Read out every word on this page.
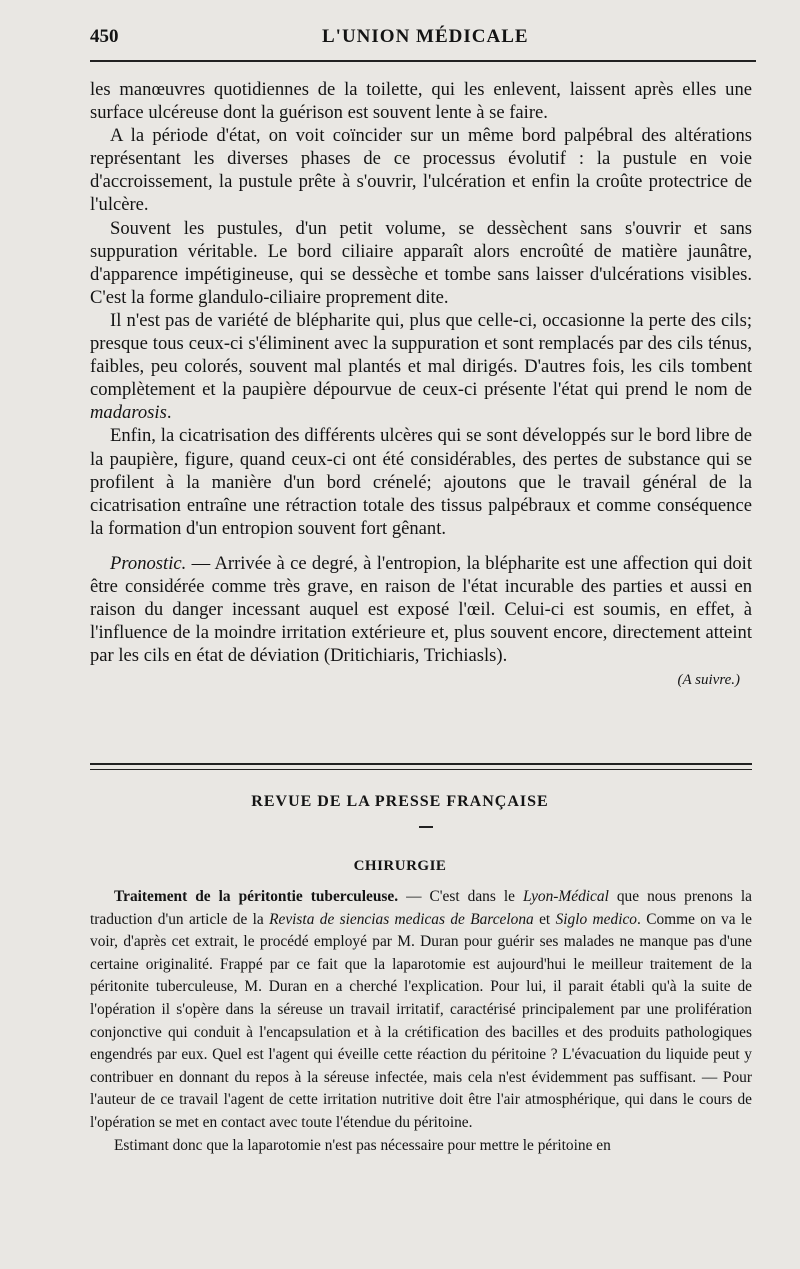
450	L'UNION MÉDICALE

les manœuvres quotidiennes de la toilette, qui les enlevent, laissent après elles une surface ulcéreuse dont la guérison est souvent lente à se faire.

A la période d'état, on voit coïncider sur un même bord palpébral des altérations représentant les diverses phases de ce processus évolutif : la pustule en voie d'accroissement, la pustule prête à s'ouvrir, l'ulcération et enfin la croûte protectrice de l'ulcère.

Souvent les pustules, d'un petit volume, se dessèchent sans s'ouvrir et sans suppuration véritable. Le bord ciliaire apparaît alors encroûté de matière jaunâtre, d'apparence impétigineuse, qui se dessèche et tombe sans laisser d'ulcérations visibles. C'est la forme glandulo-ciliaire proprement dite.

Il n'est pas de variété de blépharite qui, plus que celle-ci, occasionne la perte des cils; presque tous ceux-ci s'éliminent avec la suppuration et sont remplacés par des cils ténus, faibles, peu colorés, souvent mal plantés et mal dirigés. D'autres fois, les cils tombent complètement et la paupière dépourvue de ceux-ci présente l'état qui prend le nom de madarosis.

Enfin, la cicatrisation des différents ulcères qui se sont développés sur le bord libre de la paupière, figure, quand ceux-ci ont été considérables, des pertes de substance qui se profilent à la manière d'un bord crénelé; ajoutons que le travail général de la cicatrisation entraîne une rétraction totale des tissus palpébraux et comme conséquence la formation d'un entropion souvent fort gênant.

Pronostic. — Arrivée à ce degré, à l'entropion, la blépharite est une affection qui doit être considérée comme très grave, en raison de l'état incurable des parties et aussi en raison du danger incessant auquel est exposé l'œil. Celui-ci est soumis, en effet, à l'influence de la moindre irritation extérieure et, plus souvent encore, directement atteint par les cils en état de déviation (Dritichiaris, Trichiasls).

(A suivre.)
REVUE DE LA PRESSE FRANÇAISE
CHIRURGIE

Traitement de la péritontie tuberculeuse. — C'est dans le Lyon-Médical que nous prenons la traduction d'un article de la Revista de siencias medicas de Barcelona et Siglo medico. Comme on va le voir, d'après cet extrait, le procédé employé par M. Duran pour guérir ses malades ne manque pas d'une certaine originalité. Frappé par ce fait que la laparotomie est aujourd'hui le meilleur traitement de la péritonite tuberculeuse, M. Duran en a cherché l'explication. Pour lui, il parait établi qu'à la suite de l'opération il s'opère dans la séreuse un travail irritatif, caractérisé principalement par une prolifération conjonctive qui conduit à l'encapsulation et à la crétification des bacilles et des produits pathologiques engendrés par eux. Quel est l'agent qui éveille cette réaction du péritoine ? L'évacuation du liquide peut y contribuer en donnant du repos à la séreuse infectée, mais cela n'est évidemment pas suffisant. — Pour l'auteur de ce travail l'agent de cette irritation nutritive doit être l'air atmosphérique, qui dans le cours de l'opération se met en contact avec toute l'étendue du péritoine.

Estimant donc que la laparotomie n'est pas nécessaire pour mettre le péritoine en
